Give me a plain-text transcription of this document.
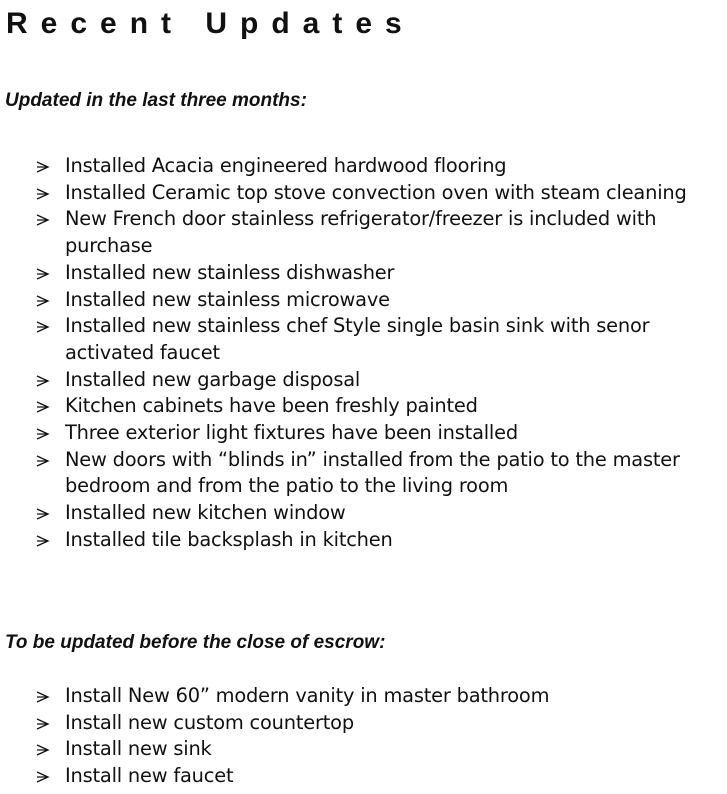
Recent Updates
Updated in the last three months:
Installed Acacia engineered hardwood flooring
Installed Ceramic top stove convection oven with steam cleaning
New French door stainless refrigerator/freezer is included with purchase
Installed new stainless dishwasher
Installed new stainless microwave
Installed new stainless chef Style single basin sink with senor activated faucet
Installed new garbage disposal
Kitchen cabinets have been freshly painted
Three exterior light fixtures have been installed
New doors with “blinds in” installed from the patio to the master bedroom and from the patio to the living room
Installed new kitchen window
Installed tile backsplash in kitchen
To be updated before the close of escrow:
Install New 60” modern vanity in master bathroom
Install new custom countertop
Install new sink
Install new faucet
